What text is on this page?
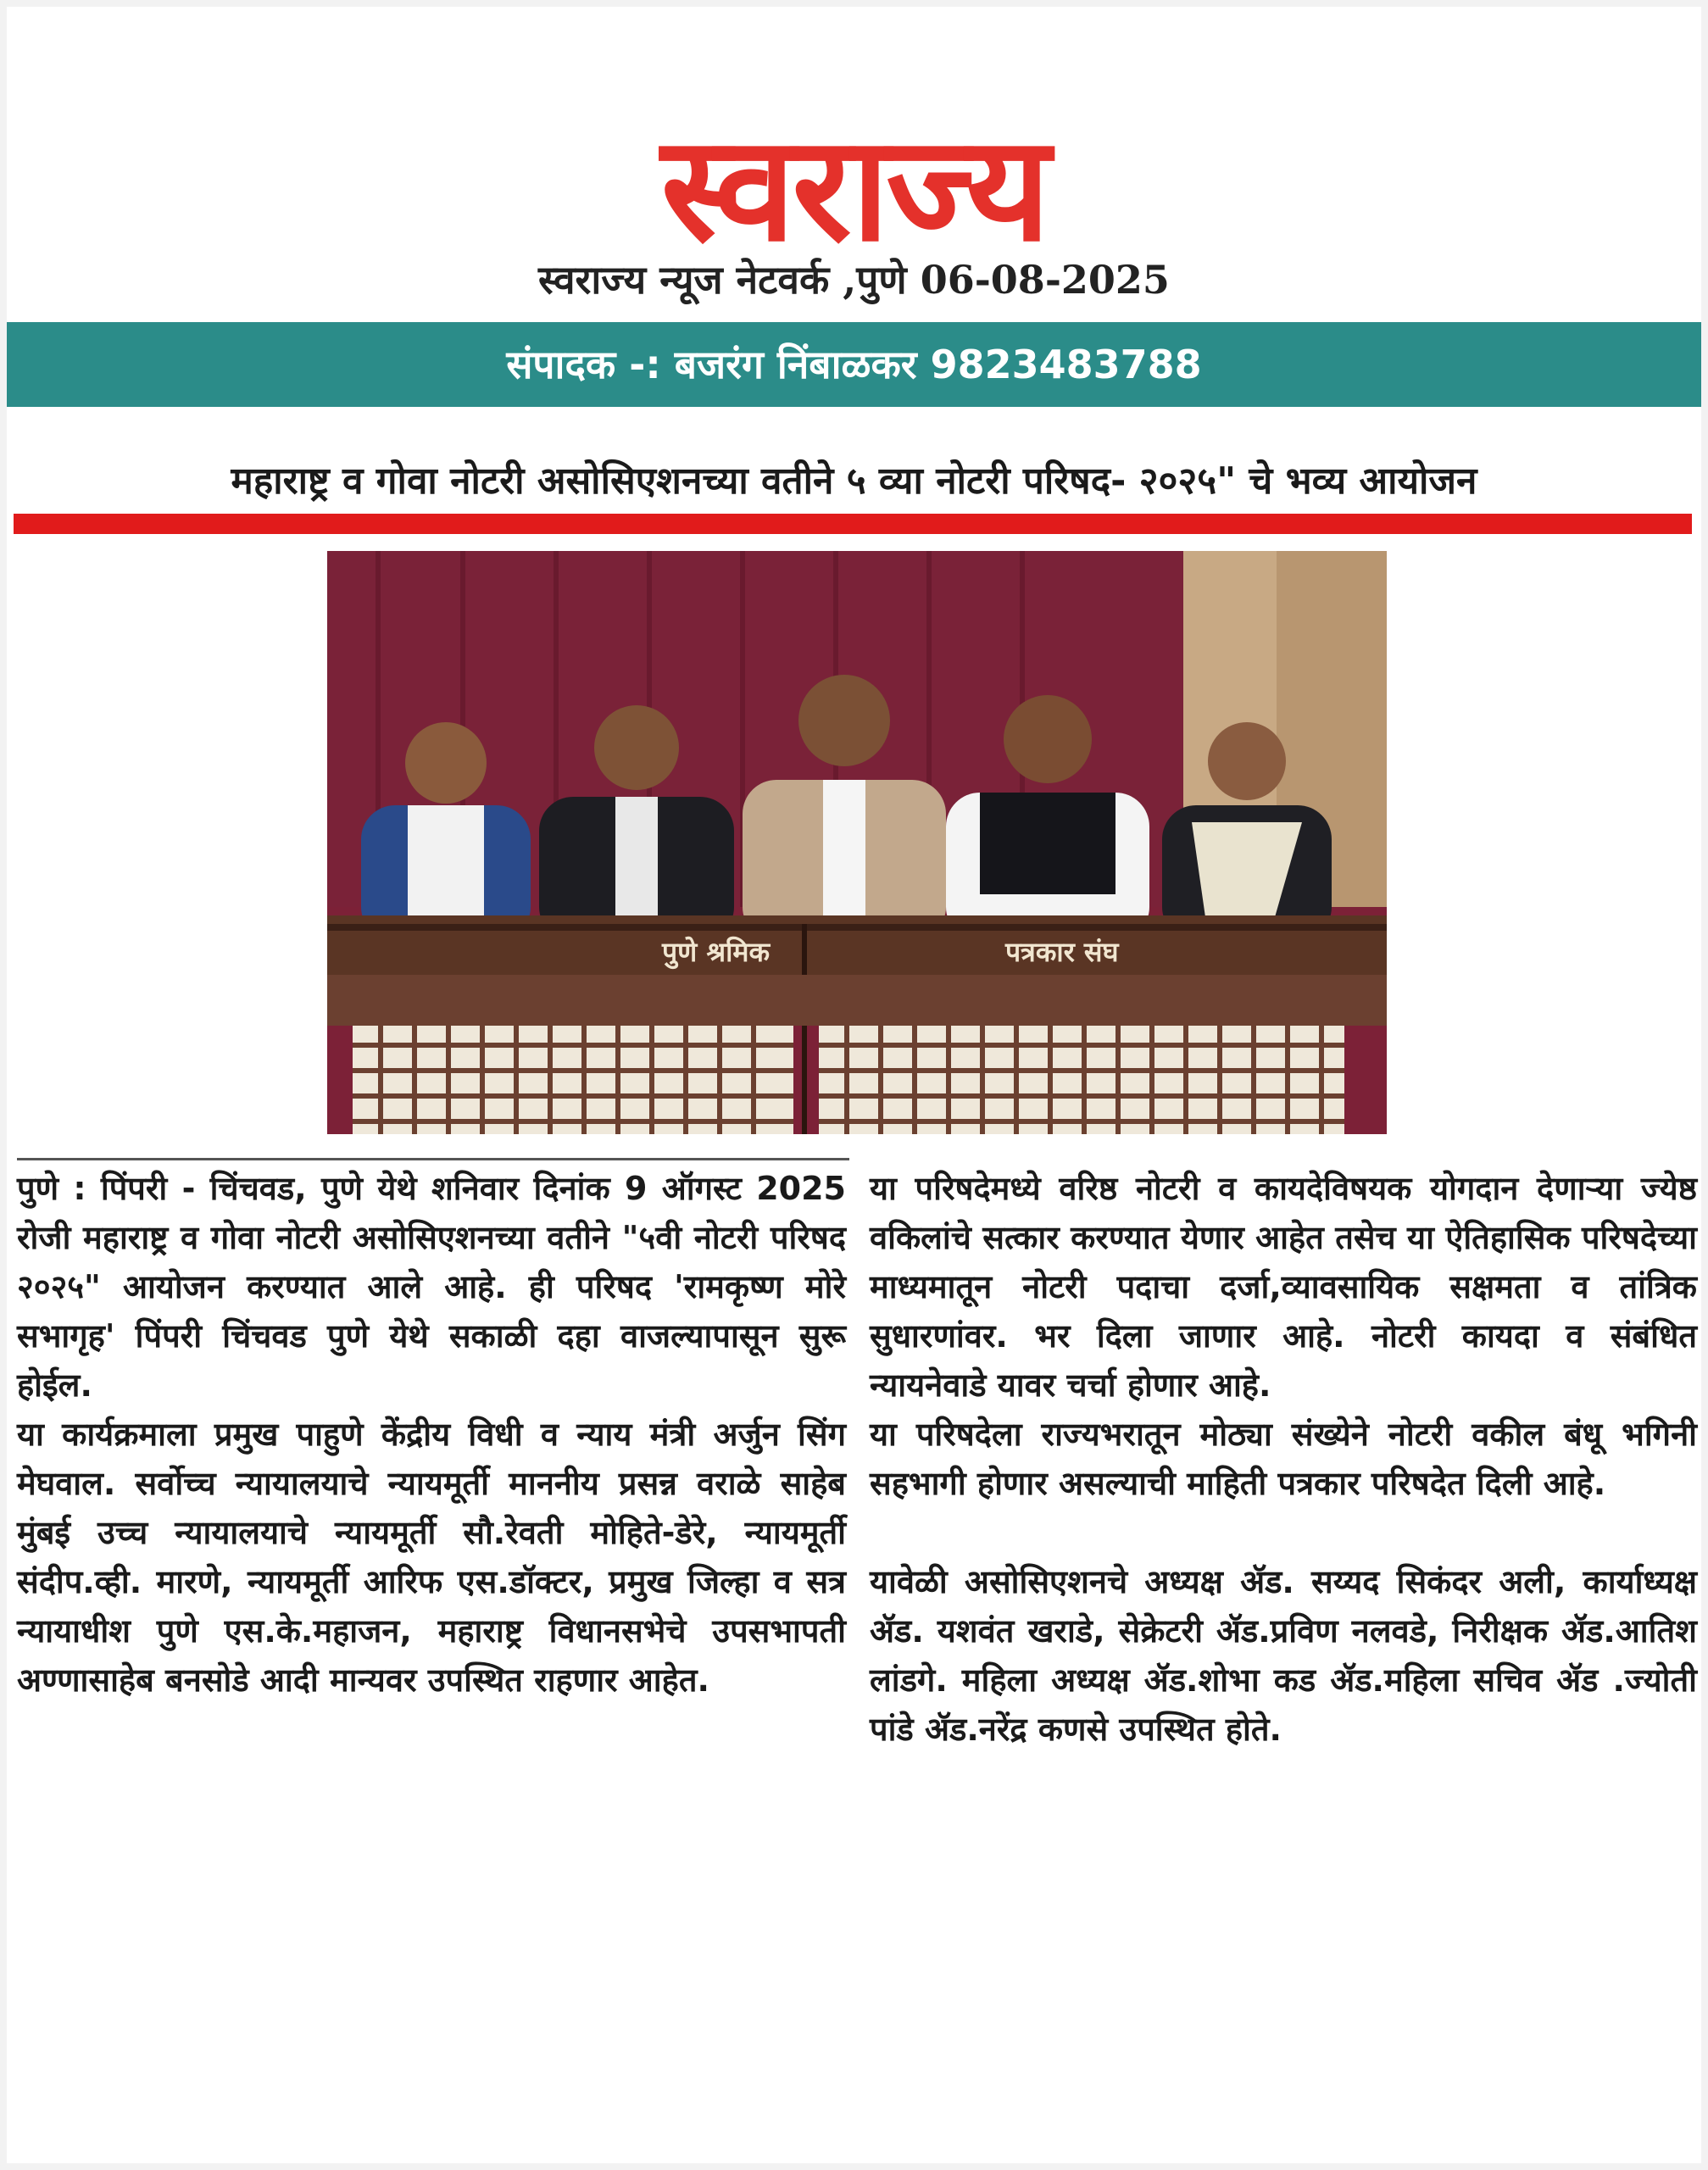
स्वराज्य
स्वराज्य न्यूज नेटवर्क ,पुणे 06-08-2025
संपादक -: बजरंग निंबाळकर 9823483788
महाराष्ट्र व गोवा नोटरी असोसिएशनच्या वतीने ५ व्या नोटरी परिषद- २०२५" चे भव्य आयोजन
पुणे श्रमिक	पत्रकार संघ

पुणे : पिंपरी - चिंचवड, पुणे येथे शनिवार दिनांक 9 ऑगस्ट 2025 रोजी महाराष्ट्र व गोवा नोटरी असोसिएशनच्या वतीने "५वी नोटरी परिषद २०२५" आयोजन करण्यात आले आहे. ही परिषद 'रामकृष्ण मोरे सभागृह' पिंपरी चिंचवड पुणे येथे सकाळी दहा वाजल्यापासून सुरू होईल.

या कार्यक्रमाला प्रमुख पाहुणे केंद्रीय विधी व न्याय मंत्री अर्जुन सिंग मेघवाल. सर्वोच्च न्यायालयाचे न्यायमूर्ती माननीय प्रसन्न वराळे साहेब मुंबई उच्च न्यायालयाचे न्यायमूर्ती सौ.रेवती मोहिते-डेरे, न्यायमूर्ती संदीप.व्ही. मारणे, न्यायमूर्ती आरिफ एस.डॉक्टर, प्रमुख जिल्हा व सत्र न्यायाधीश पुणे एस.के.महाजन, महाराष्ट्र विधानसभेचे उपसभापती अण्णासाहेब बनसोडे आदी मान्यवर उपस्थित राहणार आहेत.

या परिषदेमध्ये वरिष्ठ नोटरी व कायदेविषयक योगदान देणाऱ्या ज्येष्ठ वकिलांचे सत्कार करण्यात येणार आहेत तसेच या ऐतिहासिक परिषदेच्या माध्यमातून नोटरी पदाचा दर्जा,व्यावसायिक सक्षमता व तांत्रिक सुधारणांवर. भर दिला जाणार आहे. नोटरी कायदा व संबंधित न्यायनेवाडे यावर चर्चा होणार आहे.

या परिषदेला राज्यभरातून मोठ्या संख्येने नोटरी वकील बंधू भगिनी सहभागी होणार असल्याची माहिती पत्रकार परिषदेत दिली आहे.

यावेळी असोसिएशनचे अध्यक्ष ॲड. सय्यद सिकंदर अली, कार्याध्यक्ष ॲड. यशवंत खराडे, सेक्रेटरी ॲड.प्रविण नलवडे, निरीक्षक ॲड.आतिश लांडगे. महिला अध्यक्ष ॲड.शोभा कड ॲड.महिला सचिव ॲड .ज्योती पांडे ॲड.नरेंद्र कणसे उपस्थित होते.
